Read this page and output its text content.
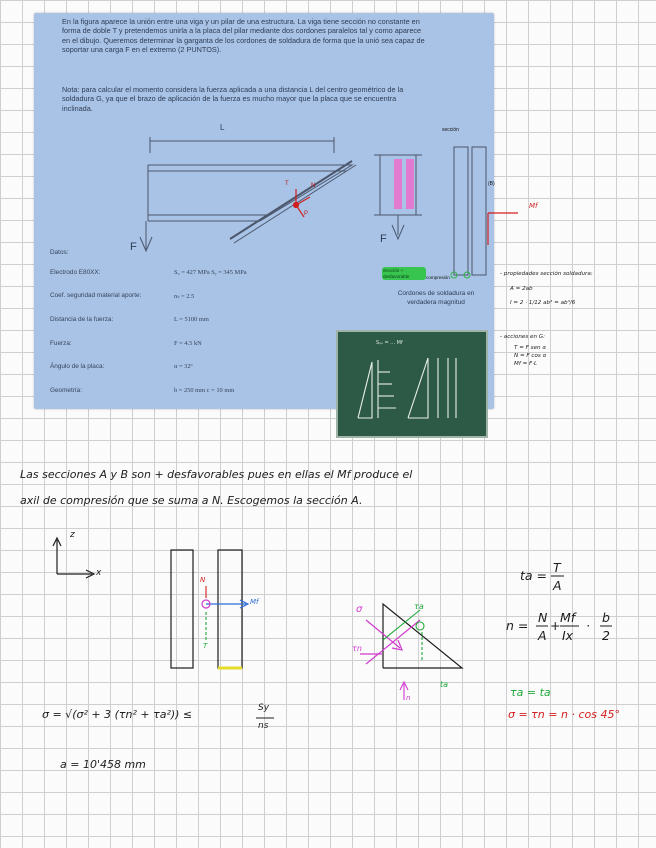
En la figura aparece la unión entre una viga y un pilar de una estructura. La viga tiene sección no constante en forma de doble T y pretendemos unirla a la placa del pilar mediante dos cordones paralelos tal y como aparece en el dibujo. Queremos determinar la garganta de los cordones de soldadura de forma que la unió sea capaz de soportar una carga F en el extremo (2 PUNTOS).
Nota: para calcular el momento considera la fuerza aplicada a una distancia L del centro geométrico de la soldadura G, ya que el brazo de aplicación de la fuerza es mucho mayor que la placa que se encuentra inclinada.
L
F
F
N
T
P
sección
(B)
Datos:
Electrodo E80XX:	Sᵤ = 427 MPa Sᵧ = 345 MPa
Coef. seguridad material aporte:	nₛ = 2.5
Distancia de la fuerza:	L = 5100 mm
Fuerza:	F = 4.5 kN
Ángulo de la placa:	α = 32º
Geometría:	b = 250 mm c = 10 mm
Cordones de soldadura en verdadera magnitud
Sección + desfavorable	compresión
Mf
Sᵧₛ = ... Mf
- propiedades sección soldadura:
A = 2ab
I = 2 · 1/12 ab³ = ab³/6
- acciones en G:
T = F sen α
N = F cos α
Mf = F·L
Las secciones A y B son + desfavorables pues en ellas el Mf produce el
axil de compresión que se suma a N. Escogemos la sección A.
z
x
N
T
Mf
σ	τa
τn
n
ta
ta =
T
A
n =
N
A
+
Mf
Ix
·
b
2
τa = ta
σ = τn = n · cos 45°
σ = √(σ² + 3 (τn² + τa²)) ≤	Sy
ns
a = 10'458 mm
